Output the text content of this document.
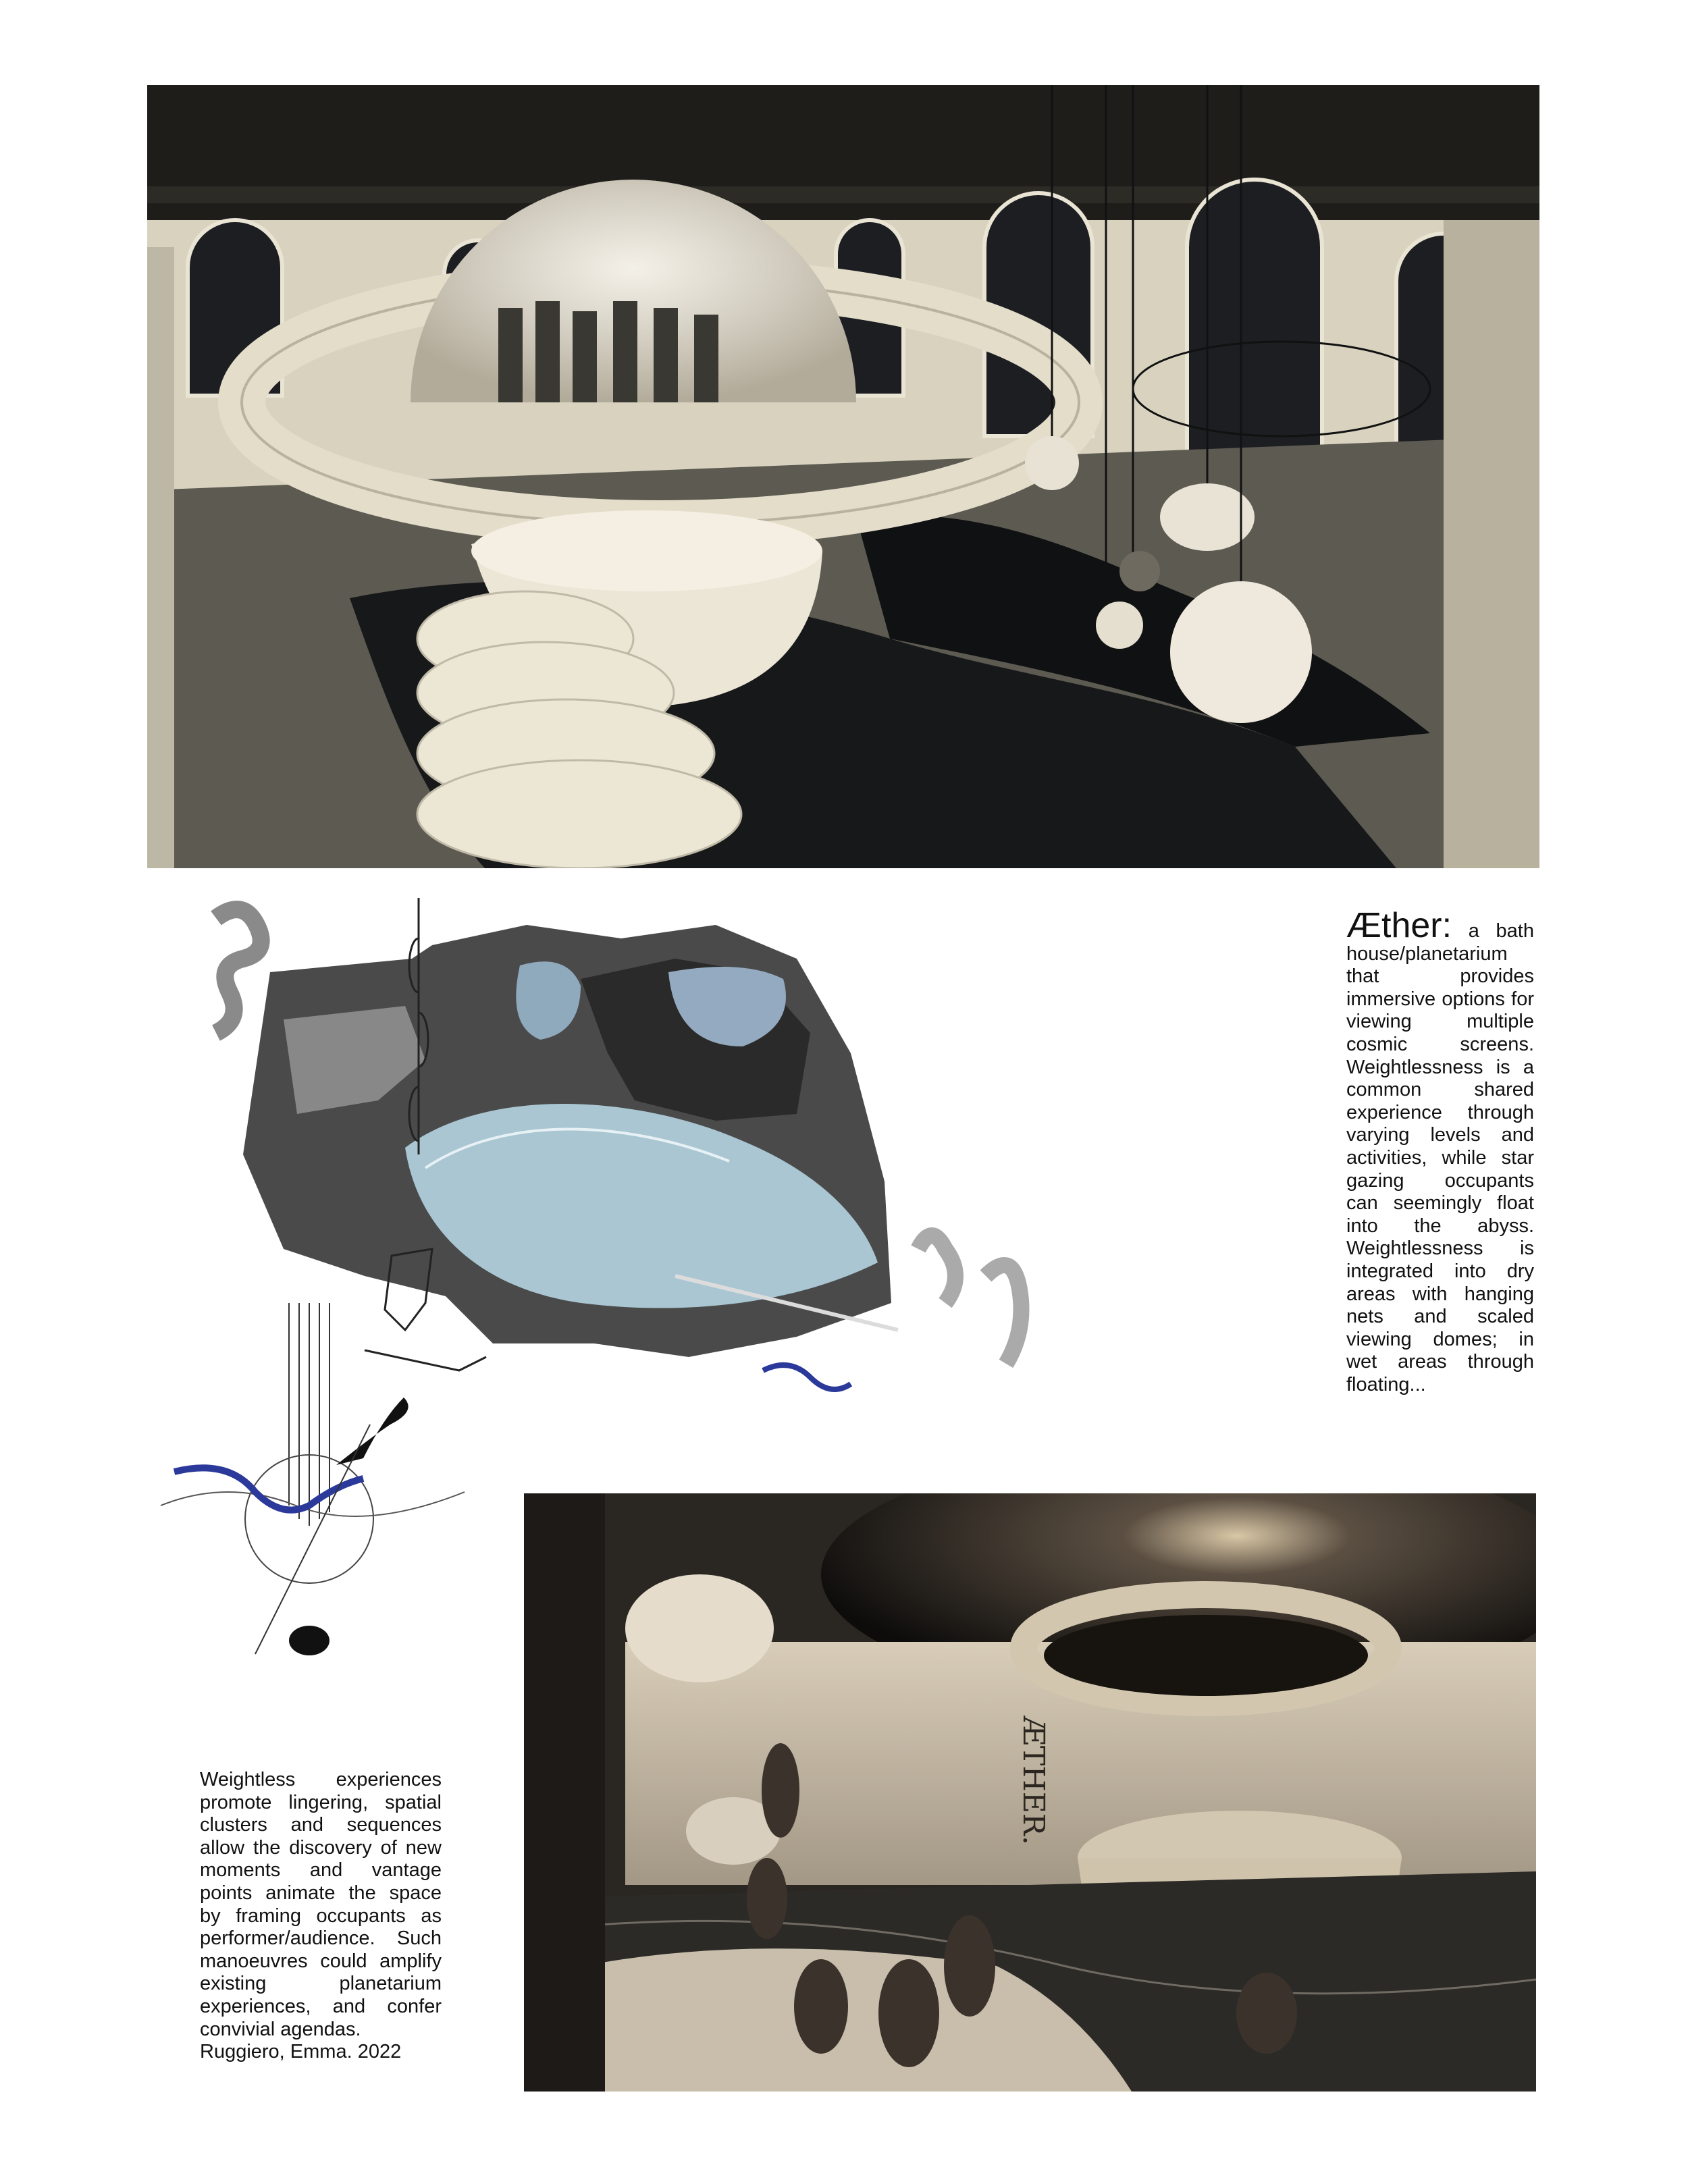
ÆTHER.
Æther: a bath house/planetarium that provides immersive options for viewing multiple cosmic screens. Weightlessness is a common shared experience through varying levels and activities, while star gazing occupants can seemingly float into the abyss. Weightlessness is integrated into dry areas with hanging nets and scaled viewing domes; in wet areas through floating...
Weightless experiences promote lingering, spatial clusters and sequences allow the discovery of new moments and vantage points animate the space by framing occupants as performer/audience. Such manoeuvres could amplify existing planetarium experiences, and confer convivial agendas.
Ruggiero, Emma. 2022
